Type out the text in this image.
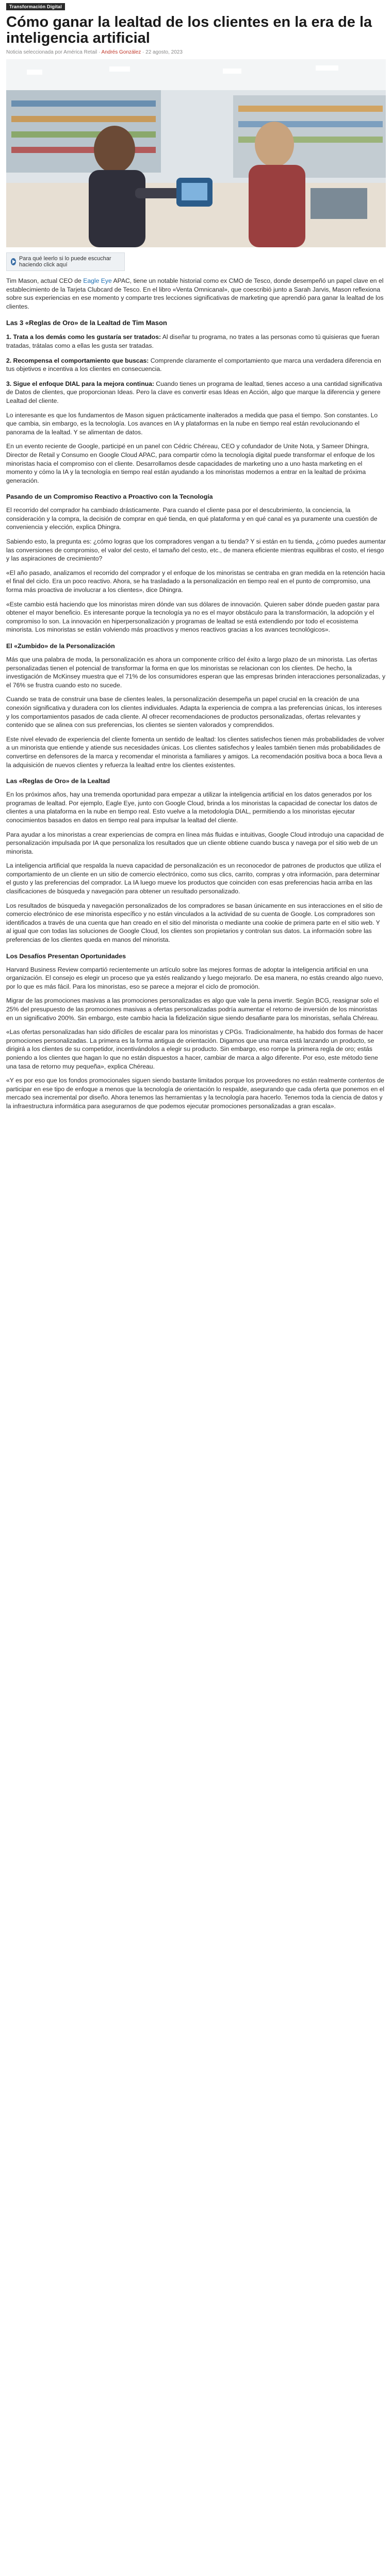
Transformación Digital
Cómo ganar la lealtad de los clientes en la era de la inteligencia artificial
Noticia seleccionada por América Retail · Andrés González · 22 agosto, 2023
Para qué leerlo si lo puede escuchar haciendo click aquí

Tim Mason, actual CEO de Eagle Eye APAC, tiene un notable historial como ex CMO de Tesco, donde desempeñó un papel clave en el establecimiento de la Tarjeta Clubcard de Tesco. En el libro «Venta Omnicanal», que coescribió junto a Sarah Jarvis, Mason reflexiona sobre sus experiencias en ese momento y comparte tres lecciones significativas de marketing que aprendió para ganar la lealtad de los clientes.

Las 3 «Reglas de Oro» de la Lealtad de Tim Mason
1. Trata a los demás como les gustaría ser tratados: Al diseñar tu programa, no trates a las personas como tú quisieras que fueran tratadas, trátalas como a ellas les gusta ser tratadas.
2. Recompensa el comportamiento que buscas: Comprende claramente el comportamiento que marca una verdadera diferencia en tus objetivos e incentiva a los clientes en consecuencia.
3. Sigue el enfoque DIAL para la mejora continua: Cuando tienes un programa de lealtad, tienes acceso a una cantidad significativa de Datos de clientes, que proporcionan Ideas. Pero la clave es convertir esas Ideas en Acción, algo que marque la diferencia y genere Lealtad del cliente.

Lo interesante es que los fundamentos de Mason siguen prácticamente inalterados a medida que pasa el tiempo. Son constantes. Lo que cambia, sin embargo, es la tecnología. Los avances en IA y plataformas en la nube en tiempo real están revolucionando el panorama de la lealtad. Y se alimentan de datos.

En un evento reciente de Google, participé en un panel con Cédric Chéreau, CEO y cofundador de Unite Nota, y Sameer Dhingra, Director de Retail y Consumo en Google Cloud APAC, para compartir cómo la tecnología digital puede transformar el enfoque de los minoristas hacia el compromiso con el cliente. Desarrollamos desde capacidades de marketing uno a uno hasta marketing en el momento y cómo la IA y la tecnología en tiempo real están ayudando a los minoristas modernos a entrar en la lealtad de próxima generación.

Pasando de un Compromiso Reactivo a Proactivo con la Tecnología

El recorrido del comprador ha cambiado drásticamente. Para cuando el cliente pasa por el descubrimiento, la conciencia, la consideración y la compra, la decisión de comprar en qué tienda, en qué plataforma y en qué canal es ya puramente una cuestión de conveniencia y elección, explica Dhingra.

Sabiendo esto, la pregunta es: ¿cómo logras que los compradores vengan a tu tienda? Y si están en tu tienda, ¿cómo puedes aumentar las conversiones de compromiso, el valor del cesto, el tamaño del cesto, etc., de manera eficiente mientras equilibras el costo, el riesgo y las aspiraciones de crecimiento?

«El año pasado, analizamos el recorrido del comprador y el enfoque de los minoristas se centraba en gran medida en la retención hacia el final del ciclo. Era un poco reactivo. Ahora, se ha trasladado a la personalización en tiempo real en el punto de compromiso, una forma más proactiva de involucrar a los clientes», dice Dhingra.

«Este cambio está haciendo que los minoristas miren dónde van sus dólares de innovación. Quieren saber dónde pueden gastar para obtener el mayor beneficio. Es interesante porque la tecnología ya no es el mayor obstáculo para la transformación, la adopción y el compromiso lo son. La innovación en hiperpersonalización y programas de lealtad se está extendiendo por todo el ecosistema minorista. Los minoristas se están volviendo más proactivos y menos reactivos gracias a los avances tecnológicos».

El «Zumbido» de la Personalización

Más que una palabra de moda, la personalización es ahora un componente crítico del éxito a largo plazo de un minorista. Las ofertas personalizadas tienen el potencial de transformar la forma en que los minoristas se relacionan con los clientes. De hecho, la investigación de McKinsey muestra que el 71% de los consumidores esperan que las empresas brinden interacciones personalizadas, y el 76% se frustra cuando esto no sucede.

Cuando se trata de construir una base de clientes leales, la personalización desempeña un papel crucial en la creación de una conexión significativa y duradera con los clientes individuales. Adapta la experiencia de compra a las preferencias únicas, los intereses y los comportamientos pasados de cada cliente. Al ofrecer recomendaciones de productos personalizadas, ofertas relevantes y contenido que se alinea con sus preferencias, los clientes se sienten valorados y comprendidos.

Este nivel elevado de experiencia del cliente fomenta un sentido de lealtad: los clientes satisfechos tienen más probabilidades de volver a un minorista que entiende y atiende sus necesidades únicas. Los clientes satisfechos y leales también tienen más probabilidades de convertirse en defensores de la marca y recomendar el minorista a familiares y amigos. La recomendación positiva boca a boca lleva a la adquisición de nuevos clientes y refuerza la lealtad entre los clientes existentes.

Las «Reglas de Oro» de la Lealtad

En los próximos años, hay una tremenda oportunidad para empezar a utilizar la inteligencia artificial en los datos generados por los programas de lealtad. Por ejemplo, Eagle Eye, junto con Google Cloud, brinda a los minoristas la capacidad de conectar los datos de clientes a una plataforma en la nube en tiempo real. Esto vuelve a la metodología DIAL, permitiendo a los minoristas ejecutar conocimientos basados en datos en tiempo real para impulsar la lealtad del cliente.

Para ayudar a los minoristas a crear experiencias de compra en línea más fluidas e intuitivas, Google Cloud introdujo una capacidad de personalización impulsada por IA que personaliza los resultados que un cliente obtiene cuando busca y navega por el sitio web de un minorista.

La inteligencia artificial que respalda la nueva capacidad de personalización es un reconocedor de patrones de productos que utiliza el comportamiento de un cliente en un sitio de comercio electrónico, como sus clics, carrito, compras y otra información, para determinar el gusto y las preferencias del comprador. La IA luego mueve los productos que coinciden con esas preferencias hacia arriba en las clasificaciones de búsqueda y navegación para obtener un resultado personalizado.

Los resultados de búsqueda y navegación personalizados de los compradores se basan únicamente en sus interacciones en el sitio de comercio electrónico de ese minorista específico y no están vinculados a la actividad de su cuenta de Google. Los compradores son identificados a través de una cuenta que han creado en el sitio del minorista o mediante una cookie de primera parte en el sitio web. Y al igual que con todas las soluciones de Google Cloud, los clientes son propietarios y controlan sus datos. La información sobre las preferencias de los clientes queda en manos del minorista.

Los Desafíos Presentan Oportunidades

Harvard Business Review compartió recientemente un artículo sobre las mejores formas de adoptar la inteligencia artificial en una organización. El consejo es elegir un proceso que ya estés realizando y luego mejorarlo. De esa manera, no estás creando algo nuevo, por lo que es más fácil. Para los minoristas, eso se parece a mejorar el ciclo de promoción.

Migrar de las promociones masivas a las promociones personalizadas es algo que vale la pena invertir. Según BCG, reasignar solo el 25% del presupuesto de las promociones masivas a ofertas personalizadas podría aumentar el retorno de inversión de los minoristas en un significativo 200%. Sin embargo, este cambio hacia la fidelización sigue siendo desafiante para los minoristas, señala Chéreau.

«Las ofertas personalizadas han sido difíciles de escalar para los minoristas y CPGs. Tradicionalmente, ha habido dos formas de hacer promociones personalizadas. La primera es la forma antigua de orientación. Digamos que una marca está lanzando un producto, se dirigirá a los clientes de su competidor, incentivándolos a elegir su producto. Sin embargo, eso rompe la primera regla de oro; estás poniendo a los clientes que hagan lo que no están dispuestos a hacer, cambiar de marca a algo diferente. Por eso, este método tiene una tasa de retorno muy pequeña», explica Chéreau.

«Y es por eso que los fondos promocionales siguen siendo bastante limitados porque los proveedores no están realmente contentos de participar en ese tipo de enfoque a menos que la tecnología de orientación lo respalde, asegurando que cada oferta que ponemos en el mercado sea incremental por diseño. Ahora tenemos las herramientas y la tecnología para hacerlo. Tenemos toda la ciencia de datos y la infraestructura informática para asegurarnos de que podemos ejecutar promociones personalizadas a gran escala».
